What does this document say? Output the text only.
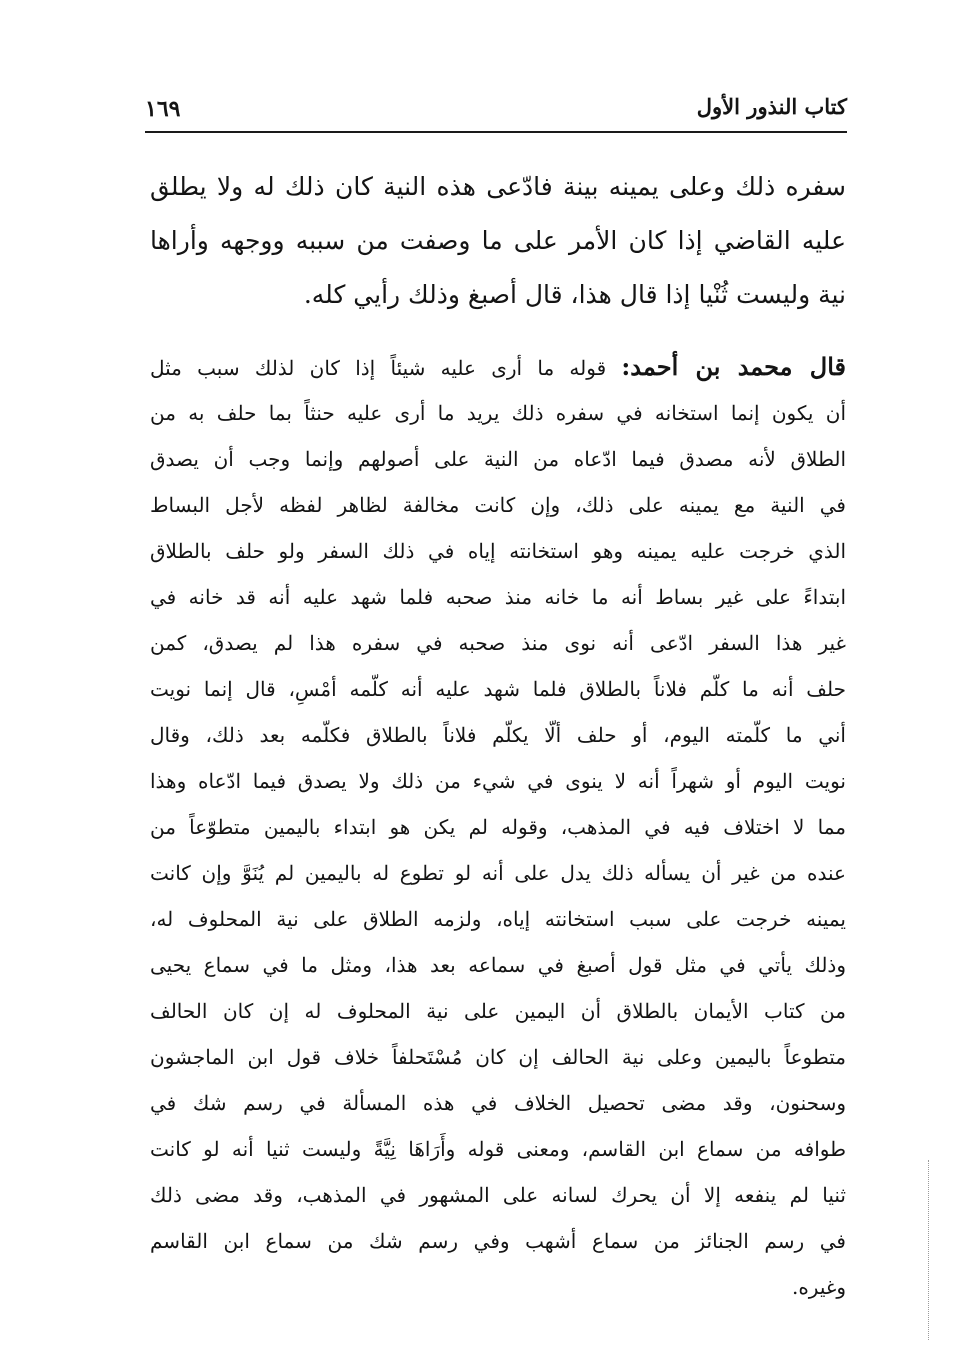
كتاب النذور الأول
١٦٩
سفره ذلك وعلى يمينه بينة فادّعى هذه النية كان ذلك له ولا يطلق
عليه القاضي إذا كان الأمر على ما وصفت من سببه ووجهه وأراها
نية وليست ثُنْيا إذا قال هذا، قال أصبغ وذلك رأيي كله.
قال محمد بن أحمد: قوله ما أرى عليه شيئاً إذا كان لذلك سبب مثل
أن يكون إنما استخانه في سفره ذلك يريد ما أرى عليه حنثاً بما حلف به من
الطلاق لأنه مصدق فيما ادّعاه من النية على أصولهم وإنما وجب أن يصدق
في النية مع يمينه على ذلك، وإن كانت مخالفة لظاهر لفظه لأجل البساط
الذي خرجت عليه يمينه وهو استخانته إياه في ذلك السفر ولو حلف بالطلاق
ابتداءً على غير بساط أنه ما خانه منذ صحبه فلما شهد عليه أنه قد خانه في
غير هذا السفر ادّعى أنه نوى منذ صحبه في سفره هذا لم يصدق، كمن
حلف أنه ما كلّم فلاناً بالطلاق فلما شهد عليه أنه كلّمه أمْسِ، قال إنما نويت
أني ما كلّمته اليوم، أو حلف ألّا يكلّم فلاناً بالطلاق فكلّمه بعد ذلك، وقال
نويت اليوم أو شهراً أنه لا ينوى في شيء من ذلك ولا يصدق فيما ادّعاه وهذا
مما لا اختلاف فيه في المذهب، وقوله لم يكن هو ابتداء باليمين متطوّعاً من
عنده من غير أن يسأله ذلك يدل على أنه لو تطوع له باليمين لم يُنَوَّ وإن كانت
يمينه خرجت على سبب استخانته إياه، ولزمه الطلاق على نية المحلوف له،
وذلك يأتي في مثل قول أصبغ في سماعه بعد هذا، ومثل ما في سماع يحيى
من كتاب الأيمان بالطلاق أن اليمين على نية المحلوف له إن كان الحالف
متطوعاً باليمين وعلى نية الحالف إن كان مُسْتَحلفاً خلاف قول ابن الماجشون
وسحنون، وقد مضى تحصيل الخلاف في هذه المسألة في رسم شك في
طوافه من سماع ابن القاسم، ومعنى قوله وأَرَاهَا نِيَّةً وليست ثنيا أنه لو كانت
ثنيا لم ينفعه إلا أن يحرك لسانه على المشهور في المذهب، وقد مضى ذلك
في رسم الجنائز من سماع أشهب وفي رسم شك من سماع ابن القاسم
وغيره.
